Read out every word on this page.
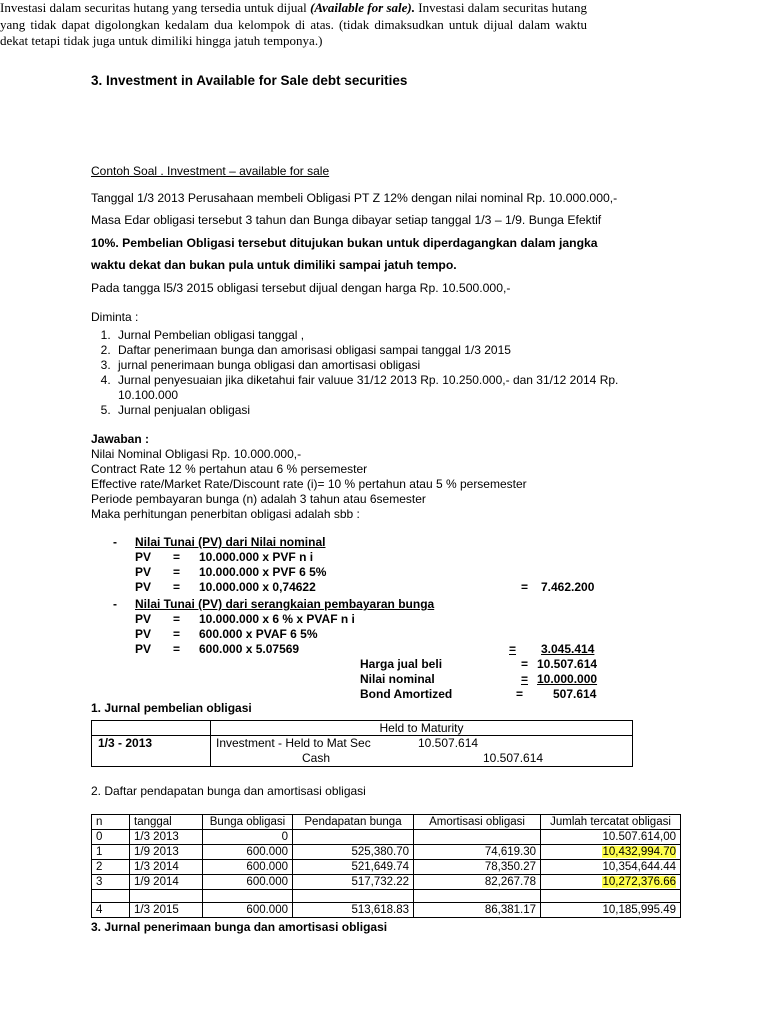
3. Investment in Available for Sale debt securities
Investasi dalam securitas hutang yang tersedia untuk dijual (Available for sale). Investasi dalam securitas hutang yang tidak dapat digolongkan kedalam dua kelompok di atas. (tidak dimaksudkan untuk dijual dalam waktu dekat tetapi tidak juga untuk dimiliki hingga jatuh temponya.)
Contoh Soal . Investment – available for sale
Tanggal 1/3 2013 Perusahaan membeli Obligasi PT Z 12% dengan nilai nominal Rp. 10.000.000,-
Masa Edar obligasi tersebut 3 tahun dan Bunga dibayar setiap tanggal 1/3 – 1/9. Bunga Efektif
10%. Pembelian Obligasi tersebut ditujukan bukan untuk diperdagangkan dalam jangka
waktu dekat dan bukan pula untuk dimiliki sampai jatuh tempo.
Pada tangga l5/3 2015 obligasi tersebut dijual dengan harga Rp. 10.500.000,-
Diminta :
1. Jurnal Pembelian obligasi tanggal ,
2. Daftar penerimaan bunga dan amorisasi obligasi sampai tanggal 1/3 2015
3. jurnal penerimaan bunga obligasi dan amortisasi obligasi
4. Jurnal penyesuaian jika diketahui fair valuue 31/12 2013 Rp. 10.250.000,- dan 31/12 2014 Rp. 10.100.000
5. Jurnal penjualan obligasi
Jawaban :
Nilai Nominal Obligasi Rp. 10.000.000,-
Contract Rate 12 % pertahun atau 6 % persemester
Effective rate/Market Rate/Discount rate (i)= 10 % pertahun atau 5 % persemester
Periode pembayaran bunga (n) adalah 3 tahun atau 6semester
Maka perhitungan penerbitan obligasi adalah sbb :
- Nilai Tunai (PV) dari Nilai nominal
PV = 10.000.000 x PVF n i
PV = 10.000.000 x PVF 6 5%
PV = 10.000.000 x 0,74622	= 7.462.200
- Nilai Tunai (PV) dari serangkaian pembayaran bunga
PV = 10.000.000 x 6 % x PVAF n i
PV = 600.000 x PVAF 6 5%
PV = 600.000 x 5.07569	= 3.045.414
Harga jual beli	= 10.507.614
Nilai nominal	= 10.000.000
Bond Amortized	= 507.614
1. Jurnal pembelian obligasi
	Held to Maturity
1/3 - 2013	Investment - Held to Mat Sec 10.507.614
Cash 10.507.614
2. Daftar pendapatan bunga dan amortisasi obligasi
n	tanggal	Bunga obligasi	Pendapatan bunga	Amortisasi obligasi	Jumlah tercatat obligasi
0	1/3 2013	0			10.507.614,00
1	1/9 2013	600.000	525,380.70	74,619.30	10,432,994.70
2	1/3 2014	600.000	521,649.74	78,350.27	10,354,644.44
3	1/9 2014	600.000	517,732.22	82,267.78	10,272,376.66

4	1/3 2015	600.000	513,618.83	86,381.17	10,185,995.49
3. Jurnal penerimaan bunga dan amortisasi obligasi
